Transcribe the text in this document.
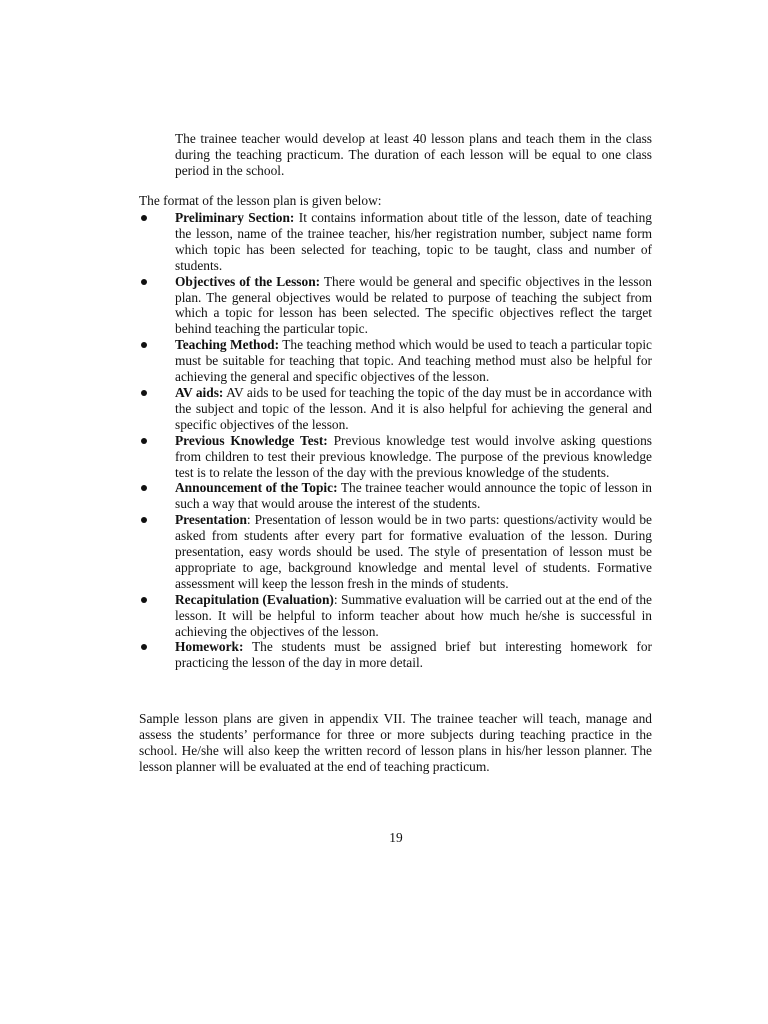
The trainee teacher would develop at least 40 lesson plans and teach them in the class during the teaching practicum. The duration of each lesson will be equal to one class period in the school.

The format of the lesson plan is given below:

Preliminary Section: It contains information about title of the lesson, date of teaching the lesson, name of the trainee teacher, his/her registration number, subject name form which topic has been selected for teaching, topic to be taught, class and number of students.
Objectives of the Lesson: There would be general and specific objectives in the lesson plan. The general objectives would be related to purpose of teaching the subject from which a topic for lesson has been selected. The specific objectives reflect the target behind teaching the particular topic.
Teaching Method: The teaching method which would be used to teach a particular topic must be suitable for teaching that topic. And teaching method must also be helpful for achieving the general and specific objectives of the lesson.
AV aids: AV aids to be used for teaching the topic of the day must be in accordance with the subject and topic of the lesson. And it is also helpful for achieving the general and specific objectives of the lesson.
Previous Knowledge Test: Previous knowledge test would involve asking questions from children to test their previous knowledge. The purpose of the previous knowledge test is to relate the lesson of the day with the previous knowledge of the students.
Announcement of the Topic: The trainee teacher would announce the topic of lesson in such a way that would arouse the interest of the students.
Presentation: Presentation of lesson would be in two parts: questions/activity would be asked from students after every part for formative evaluation of the lesson. During presentation, easy words should be used. The style of presentation of lesson must be appropriate to age, background knowledge and mental level of students. Formative assessment will keep the lesson fresh in the minds of students.
Recapitulation (Evaluation): Summative evaluation will be carried out at the end of the lesson. It will be helpful to inform teacher about how much he/she is successful in achieving the objectives of the lesson.
Homework: The students must be assigned brief but interesting homework for practicing the lesson of the day in more detail.

Sample lesson plans are given in appendix VII. The trainee teacher will teach, manage and assess the students’ performance for three or more subjects during teaching practice in the school. He/she will also keep the written record of lesson plans in his/her lesson planner. The lesson planner will be evaluated at the end of teaching practicum.

19
